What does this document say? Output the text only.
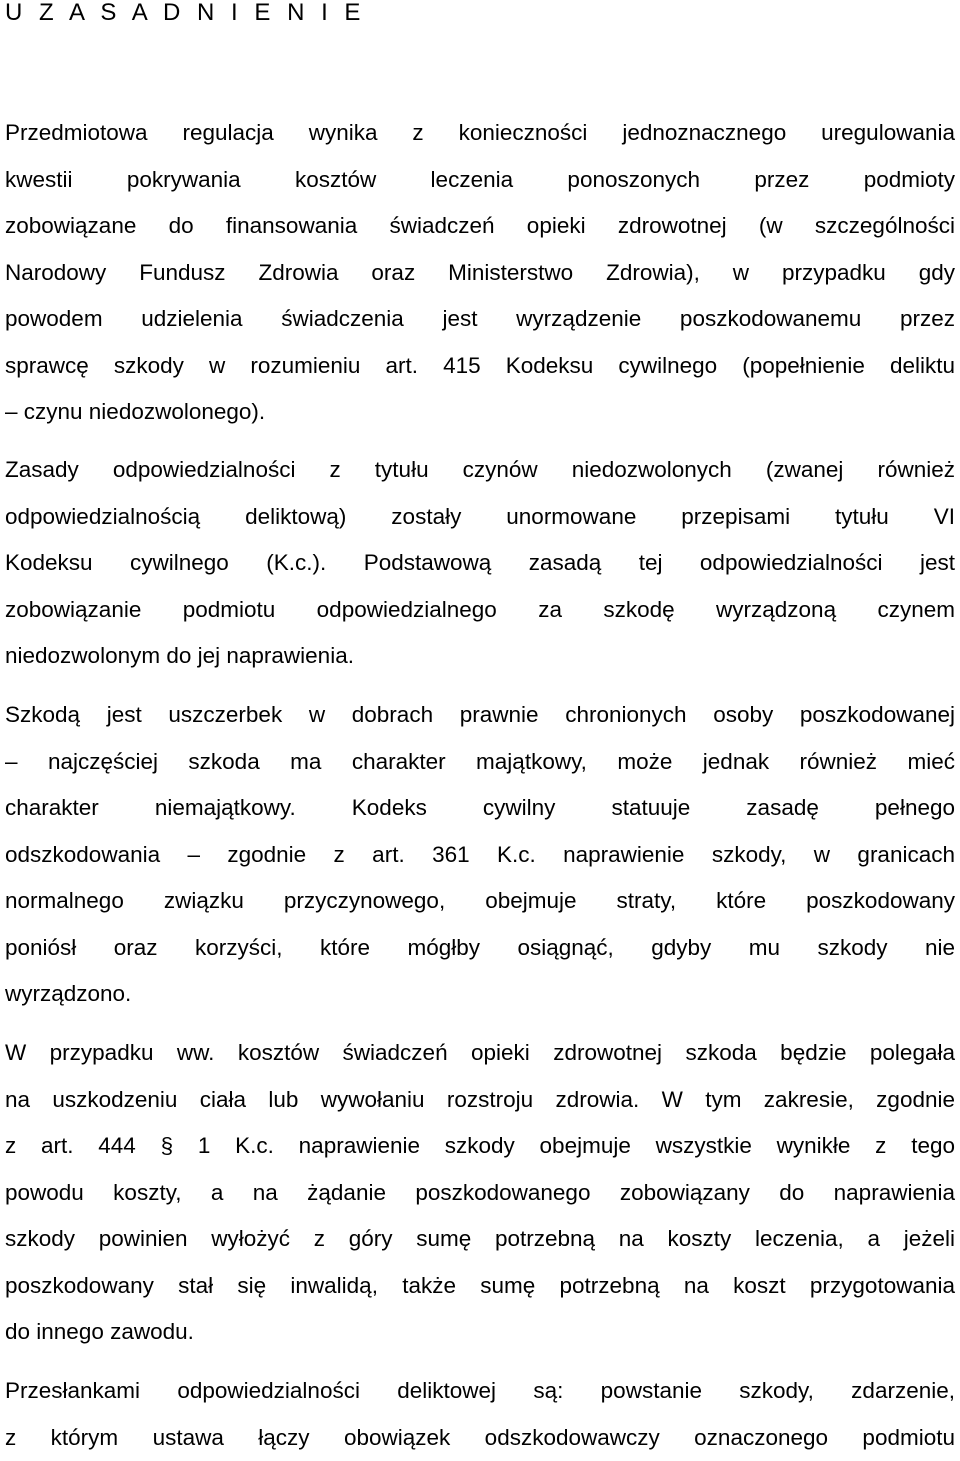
U Z A S A D N I E N I E
Przedmiotowa regulacja wynika z konieczności jednoznacznego uregulowania
kwestii pokrywania kosztów leczenia ponoszonych przez podmioty
zobowiązane do finansowania świadczeń opieki zdrowotnej (w szczególności
Narodowy Fundusz Zdrowia oraz Ministerstwo Zdrowia), w przypadku gdy
powodem udzielenia świadczenia jest wyrządzenie poszkodowanemu przez
sprawcę szkody w rozumieniu art. 415 Kodeksu cywilnego (popełnienie deliktu
– czynu niedozwolonego).
Zasady odpowiedzialności z tytułu czynów niedozwolonych (zwanej również
odpowiedzialnością deliktową) zostały unormowane przepisami tytułu VI
Kodeksu cywilnego (K.c.). Podstawową zasadą tej odpowiedzialności jest
zobowiązanie podmiotu odpowiedzialnego za szkodę wyrządzoną czynem
niedozwolonym do jej naprawienia.
Szkodą jest uszczerbek w dobrach prawnie chronionych osoby poszkodowanej
– najczęściej szkoda ma charakter majątkowy, może jednak również mieć
charakter niemajątkowy. Kodeks cywilny statuuje zasadę pełnego
odszkodowania – zgodnie z art. 361 K.c. naprawienie szkody, w granicach
normalnego związku przyczynowego, obejmuje straty, które poszkodowany
poniósł oraz korzyści, które mógłby osiągnąć, gdyby mu szkody nie
wyrządzono.
W przypadku ww. kosztów świadczeń opieki zdrowotnej szkoda będzie polegała
na uszkodzeniu ciała lub wywołaniu rozstroju zdrowia. W tym zakresie, zgodnie
z art. 444 § 1 K.c. naprawienie szkody obejmuje wszystkie wynikłe z tego
powodu koszty, a na żądanie poszkodowanego zobowiązany do naprawienia
szkody powinien wyłożyć z góry sumę potrzebną na koszty leczenia, a jeżeli
poszkodowany stał się inwalidą, także sumę potrzebną na koszt przygotowania
do innego zawodu.
Przesłankami odpowiedzialności deliktowej są: powstanie szkody, zdarzenie,
z którym ustawa łączy obowiązek odszkodowawczy oznaczonego podmiotu
